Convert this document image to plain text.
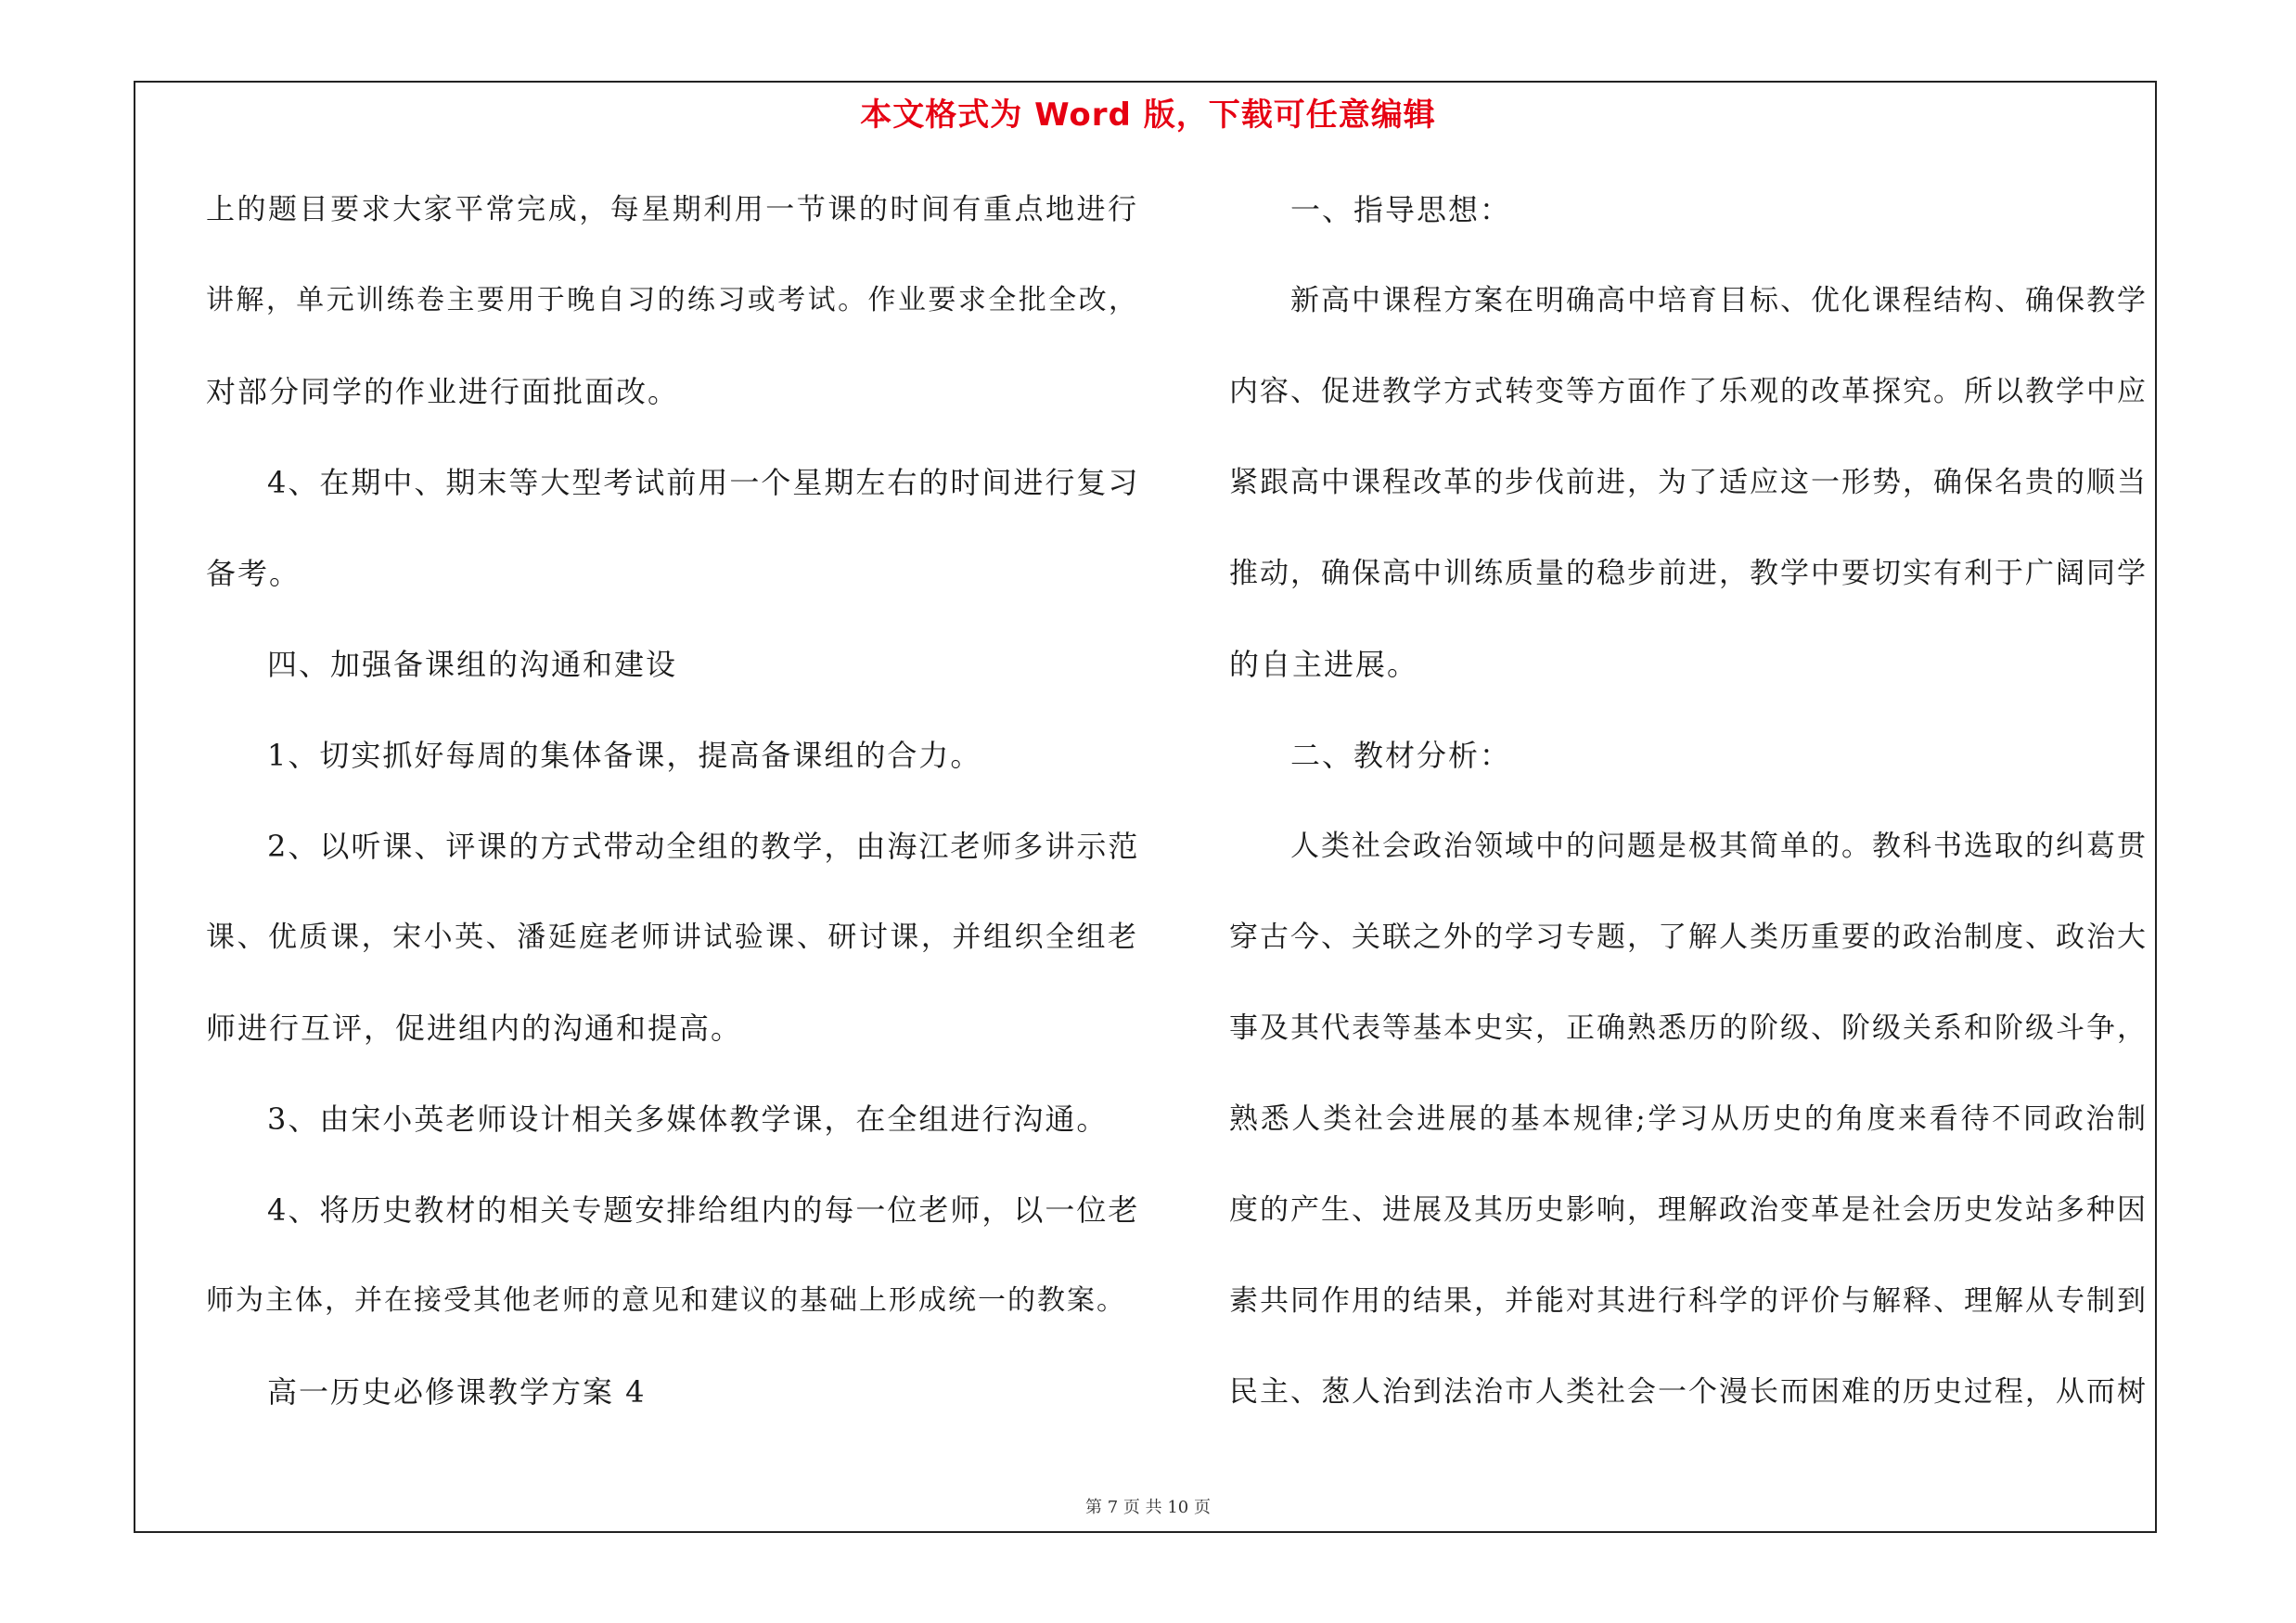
本文格式为 Word 版，下载可任意编辑
上的题目要求大家平常完成，每星期利用一节课的时间有重点地进行
讲解，单元训练卷主要用于晚自习的练习或考试。作业要求全批全改，
对部分同学的作业进行面批面改。
4、在期中、期末等大型考试前用一个星期左右的时间进行复习
备考。
四、加强备课组的沟通和建设
1、切实抓好每周的集体备课，提高备课组的合力。
2、以听课、评课的方式带动全组的教学，由海江老师多讲示范
课、优质课，宋小英、潘延庭老师讲试验课、研讨课，并组织全组老
师进行互评，促进组内的沟通和提高。
3、由宋小英老师设计相关多媒体教学课，在全组进行沟通。
4、将历史教材的相关专题安排给组内的每一位老师，以一位老
师为主体，并在接受其他老师的意见和建议的基础上形成统一的教案。
高一历史必修课教学方案 4
一、指导思想：
新高中课程方案在明确高中培育目标、优化课程结构、确保教学
内容、促进教学方式转变等方面作了乐观的改革探究。所以教学中应
紧跟高中课程改革的步伐前进，为了适应这一形势，确保名贵的顺当
推动，确保高中训练质量的稳步前进，教学中要切实有利于广阔同学
的自主进展。
二、教材分析：
人类社会政治领域中的问题是极其简单的。教科书选取的纠葛贯
穿古今、关联之外的学习专题，了解人类历重要的政治制度、政治大
事及其代表等基本史实，正确熟悉历的阶级、阶级关系和阶级斗争，
熟悉人类社会进展的基本规律;学习从历史的角度来看待不同政治制
度的产生、进展及其历史影响，理解政治变革是社会历史发站多种因
素共同作用的结果，并能对其进行科学的评价与解释、理解从专制到
民主、葱人治到法治市人类社会一个漫长而困难的历史过程，从而树
第 7 页 共 10 页
